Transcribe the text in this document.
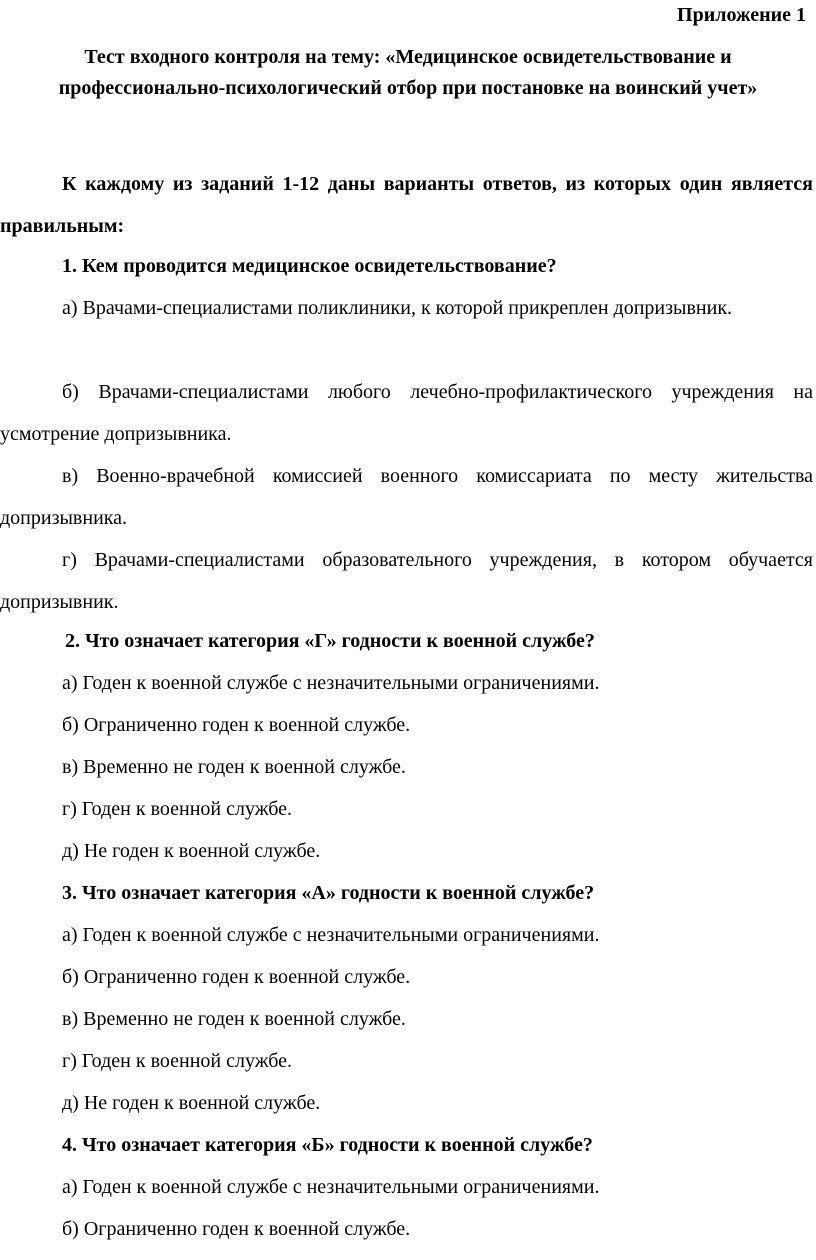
Приложение 1
Тест входного контроля на тему: «Медицинское освидетельствование и профессионально-психологический отбор при постановке на воинский учет»
К каждому из заданий 1-12 даны варианты ответов, из которых один является правильным:
1. Кем проводится медицинское освидетельствование?
а) Врачами-специалистами поликлиники, к которой прикреплен допризывник.
б) Врачами-специалистами любого лечебно-профилактического учреждения на усмотрение допризывника.
в) Военно-врачебной комиссией военного комиссариата по месту жительства допризывника.
г) Врачами-специалистами образовательного учреждения, в котором обучается допризывник.
2. Что означает категория «Г» годности к военной службе?
а) Годен к военной службе с незначительными ограничениями.
б) Ограниченно годен к военной службе.
в) Временно не годен к военной службе.
г) Годен к военной службе.
д) Не годен к военной службе.
3. Что означает категория «А» годности к военной службе?
а) Годен к военной службе с незначительными ограничениями.
б) Ограниченно годен к военной службе.
в) Временно не годен к военной службе.
г) Годен к военной службе.
д) Не годен к военной службе.
4. Что означает категория «Б» годности к военной службе?
а) Годен к военной службе с незначительными ограничениями.
б) Ограниченно годен к военной службе.
